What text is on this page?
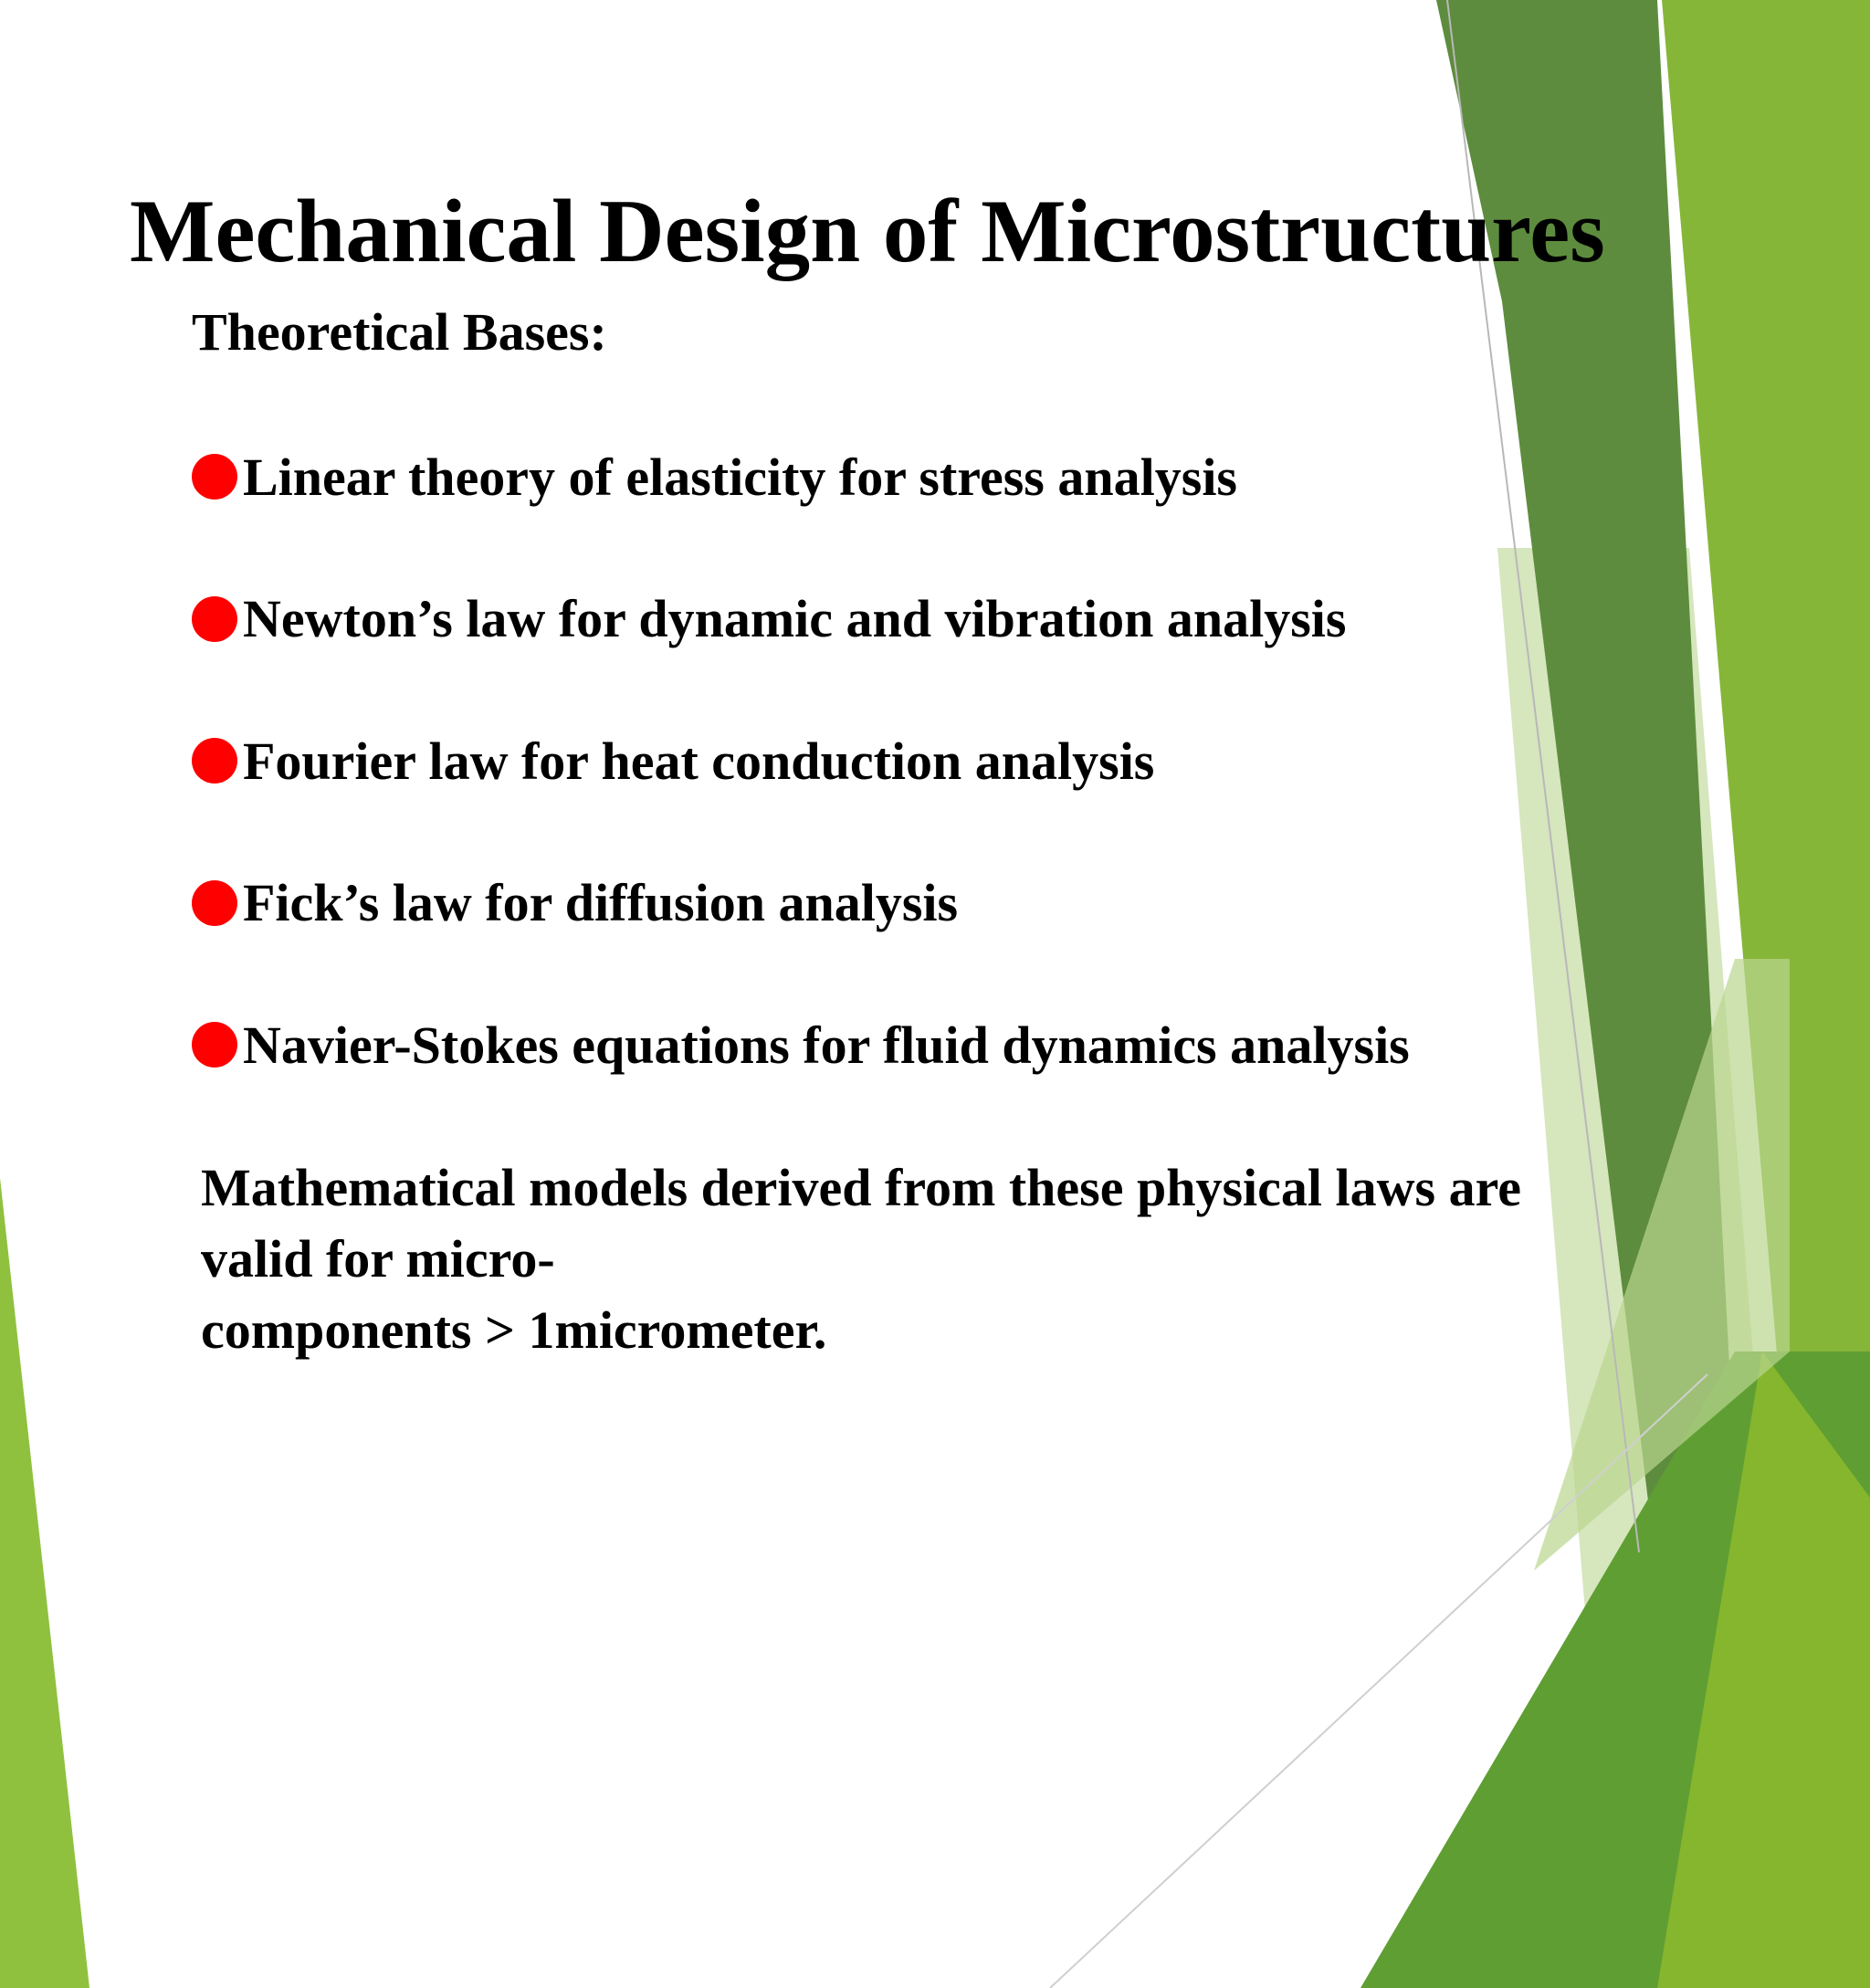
Mechanical Design of Microstructures
Theoretical Bases:
Linear theory of elasticity for stress analysis
Newton’s law for dynamic and vibration analysis
Fourier law for heat conduction analysis
Fick’s law for diffusion analysis
Navier-Stokes equations for fluid dynamics analysis
Mathematical models derived from these physical laws are
valid for micro-
components > 1micrometer.
